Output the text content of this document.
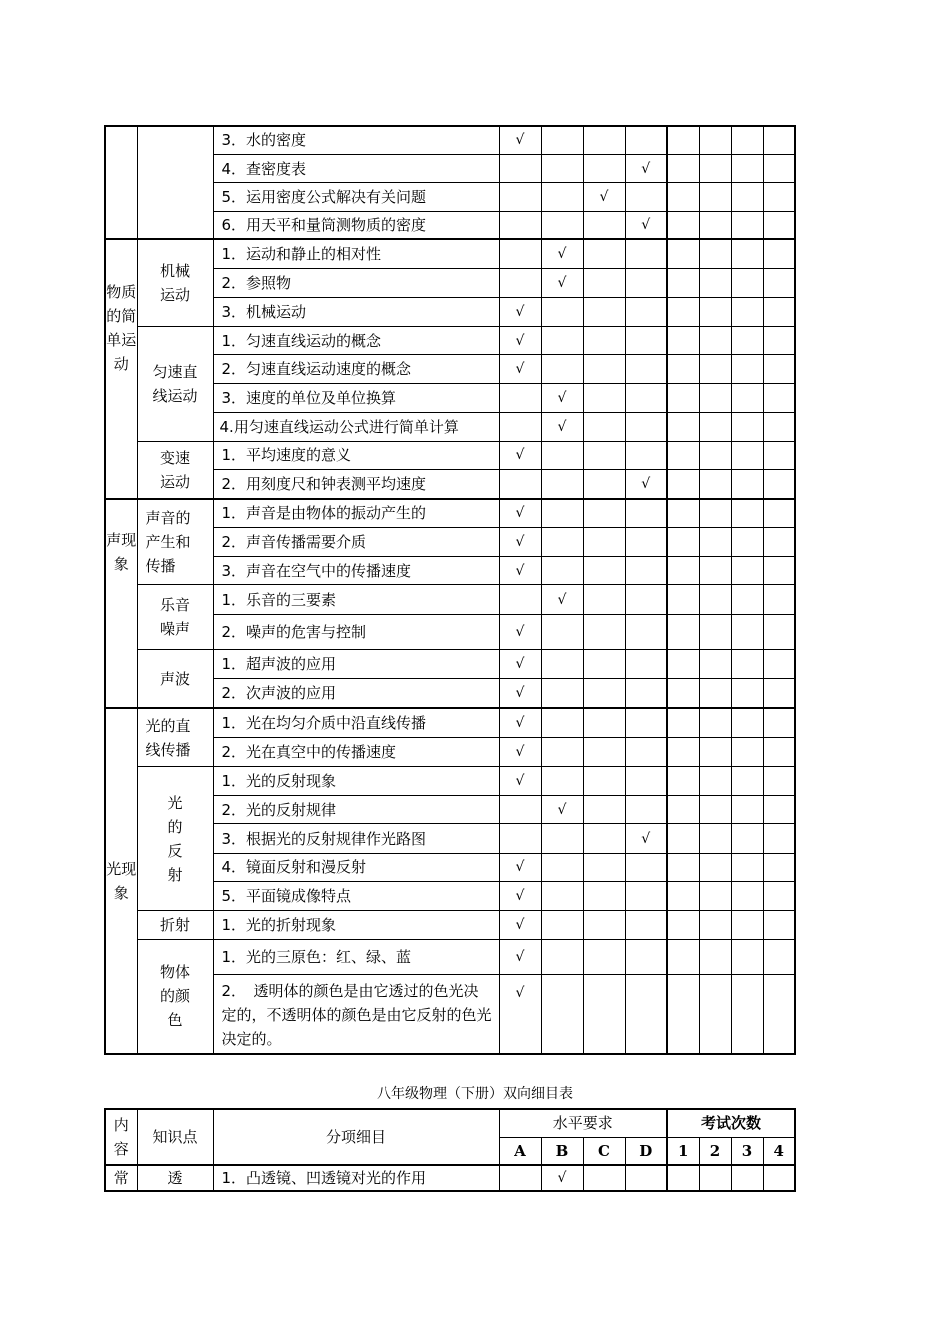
		3．水的密度	√							
		4．查密度表				√				
		5．运用密度公式解决有关问题			√					
		6．用天平和量筒测物质的密度				√				
物质的简单运动	机械运动	1．运动和静止的相对性		√						
		2．参照物		√						
		3．机械运动	√							
	匀速直线运动	1．匀速直线运动的概念	√							
		2．匀速直线运动速度的概念	√							
		3．速度的单位及单位换算		√						
		4.用匀速直线运动公式进行简单计算		√						
	变速运动	1．平均速度的意义	√							
		2．用刻度尺和钟表测平均速度				√				
声现象	声音的产生和传播	1．声音是由物体的振动产生的	√							
		2．声音传播需要介质	√							
		3．声音在空气中的传播速度	√							
	乐音噪声	1．乐音的三要素		√						
		2．噪声的危害与控制	√							
	声波	1．超声波的应用	√							
		2．次声波的应用	√							
光现象	光的直线传播	1．光在均匀介质中沿直线传播	√							
		2．光在真空中的传播速度	√							
	光的反射	1．光的反射现象	√							
		2．光的反射规律		√						
		3．根据光的反射规律作光路图				√				
		4．镜面反射和漫反射	√							
		5．平面镜成像特点	√							
	折射	1．光的折射现象	√							
	物体的颜色	1．光的三原色：红、绿、蓝	√							
		2．　透明体的颜色是由它透过的色光决定的，不透明体的颜色是由它反射的色光决定的。	√							
八年级物理（下册）双向细目表
内容	知识点	分项细目	水平要求				考试次数			
			A	B	C	D	1	2	3	4
常	透	1．凸透镜、凹透镜对光的作用		√						
